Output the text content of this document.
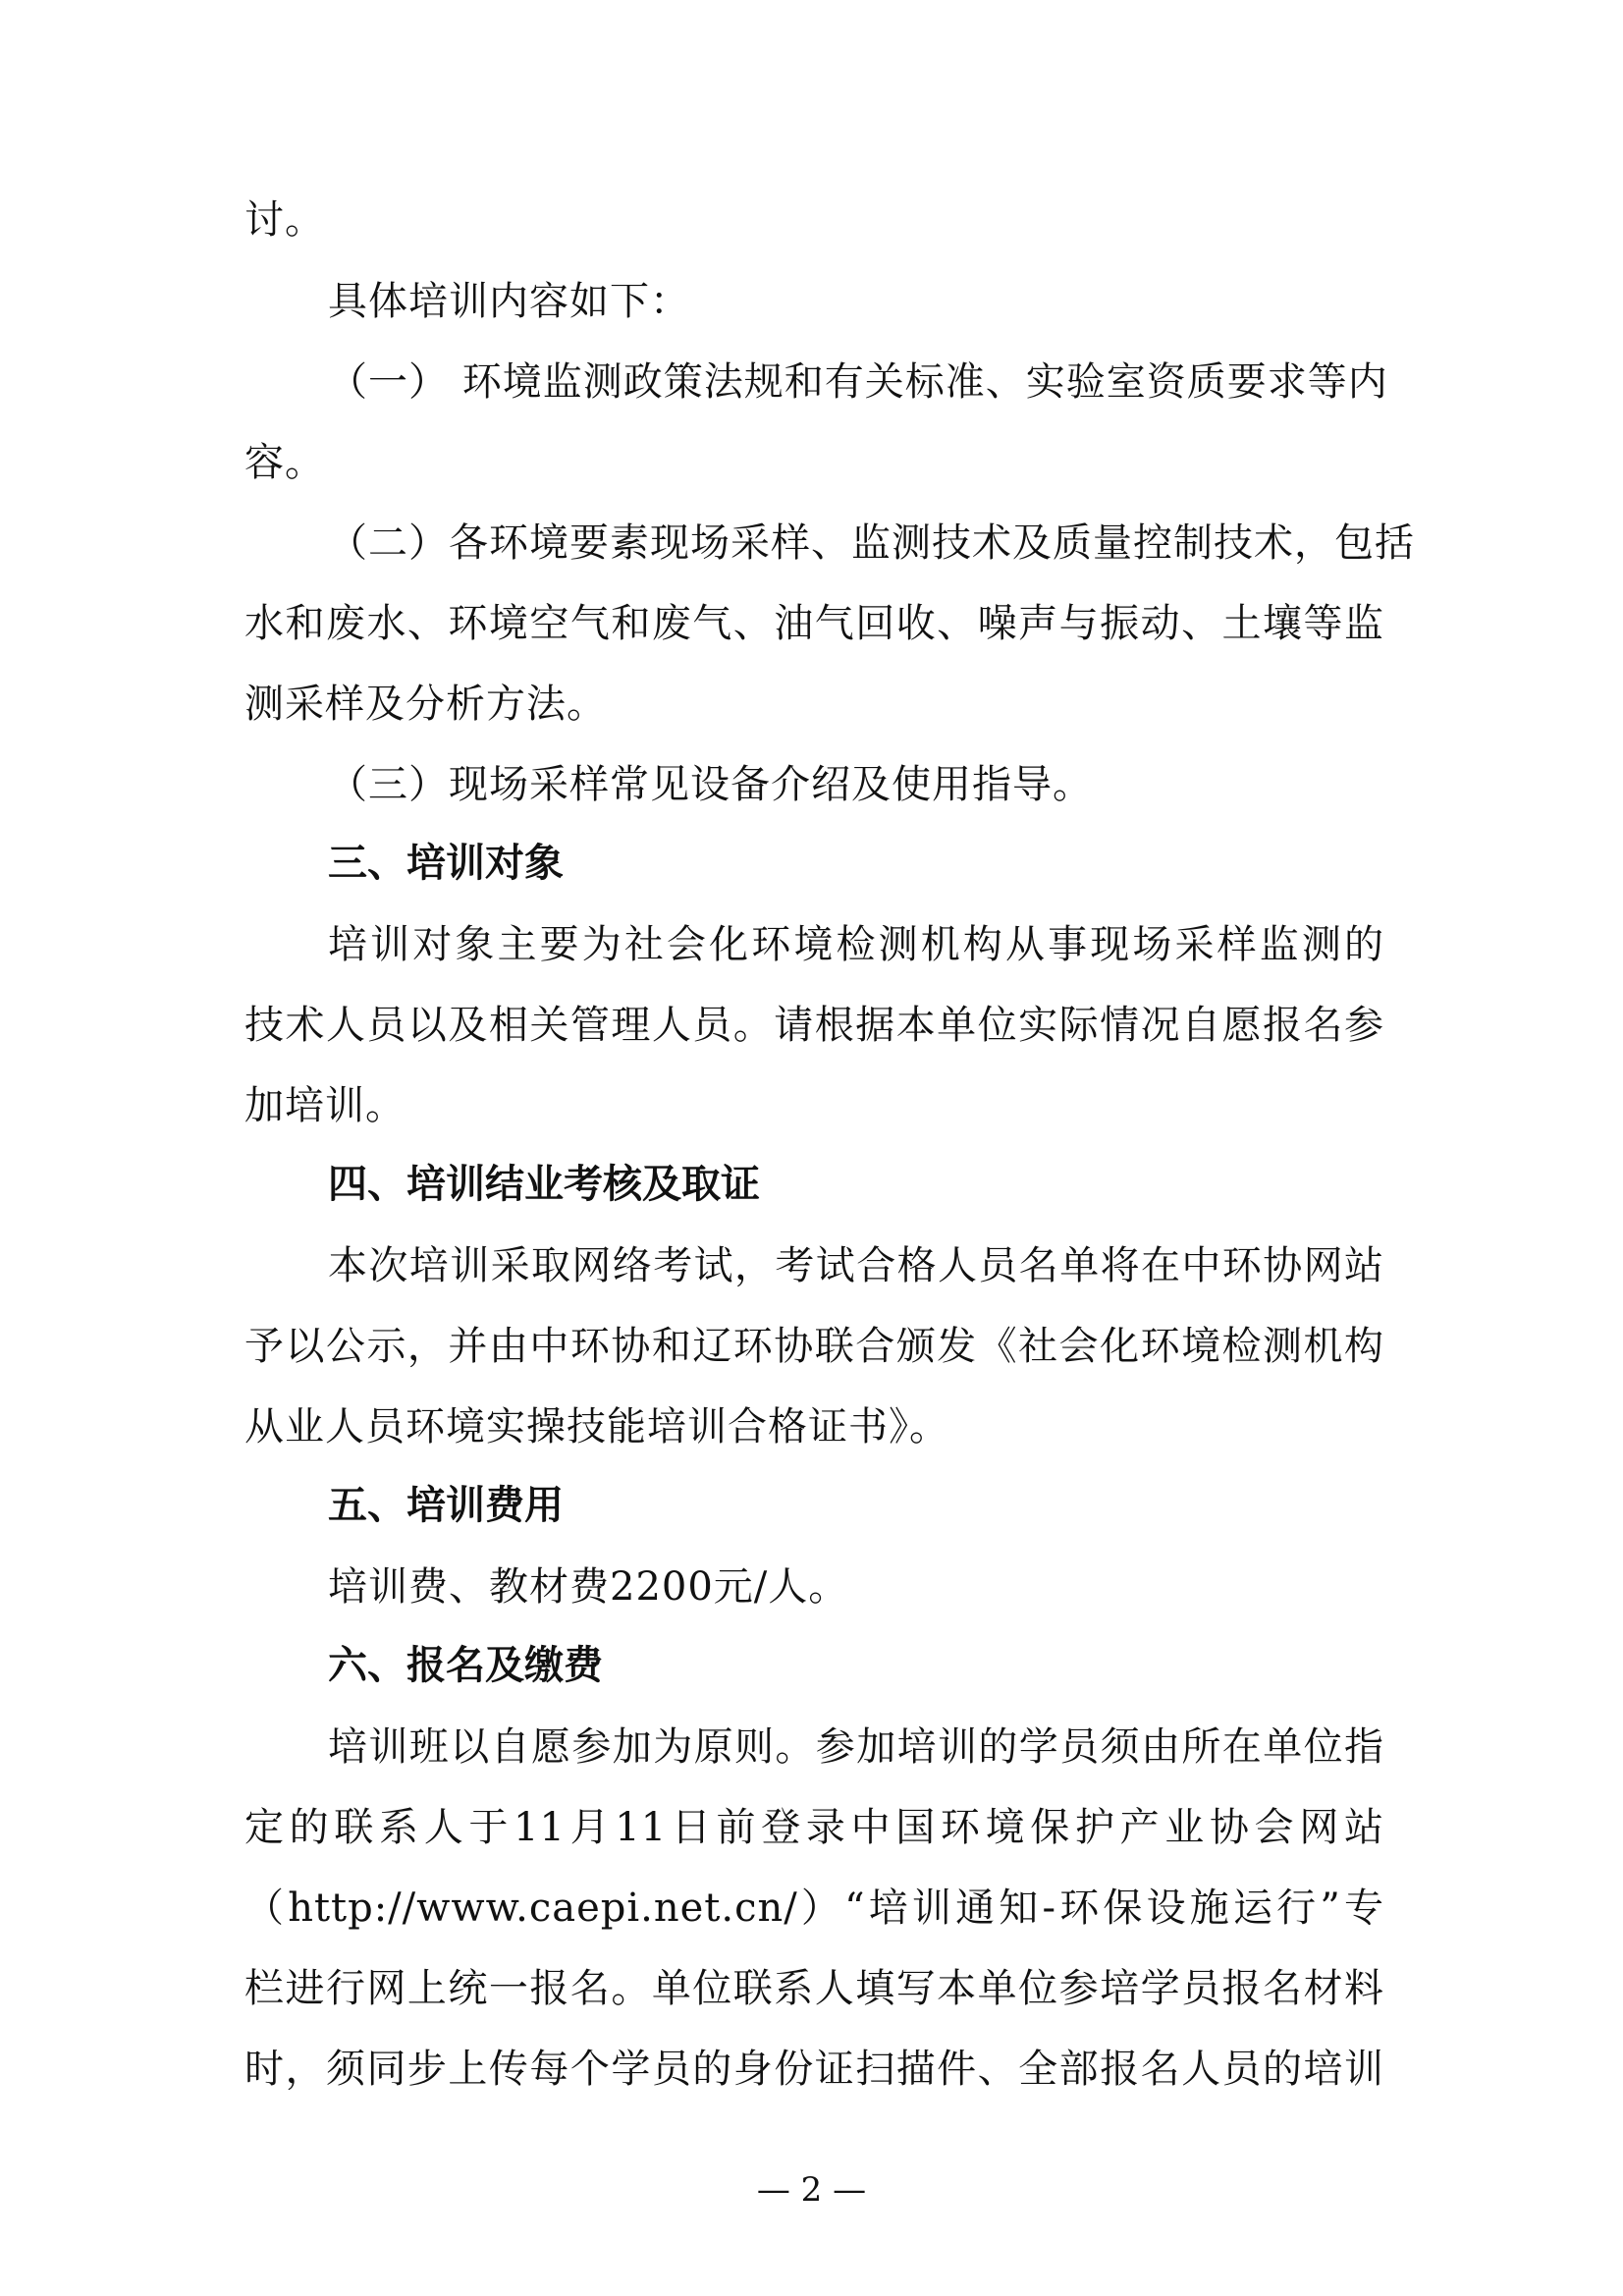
讨。
具体培训内容如下：
（一） 环境监测政策法规和有关标准、实验室资质要求等内
容。
（二）各环境要素现场采样、监测技术及质量控制技术，包括
水和废水、环境空气和废气、油气回收、噪声与振动、土壤等监
测采样及分析方法。
（三）现场采样常见设备介绍及使用指导。
三、培训对象
培训对象主要为社会化环境检测机构从事现场采样监测的
技术人员以及相关管理人员。请根据本单位实际情况自愿报名参
加培训。
四、培训结业考核及取证
本次培训采取网络考试，考试合格人员名单将在中环协网站
予以公示，并由中环协和辽环协联合颁发《社会化环境检测机构
从业人员环境实操技能培训合格证书》。
五、培训费用
培训费、教材费2200元/人。
六、报名及缴费
培训班以自愿参加为原则。参加培训的学员须由所在单位指
定的联系人于11月11日前登录中国环境保护产业协会网站
（http://www.caepi.net.cn/）“培训通知-环保设施运行”专
栏进行网上统一报名。单位联系人填写本单位参培学员报名材料
时，须同步上传每个学员的身份证扫描件、全部报名人员的培训
— 2 —
